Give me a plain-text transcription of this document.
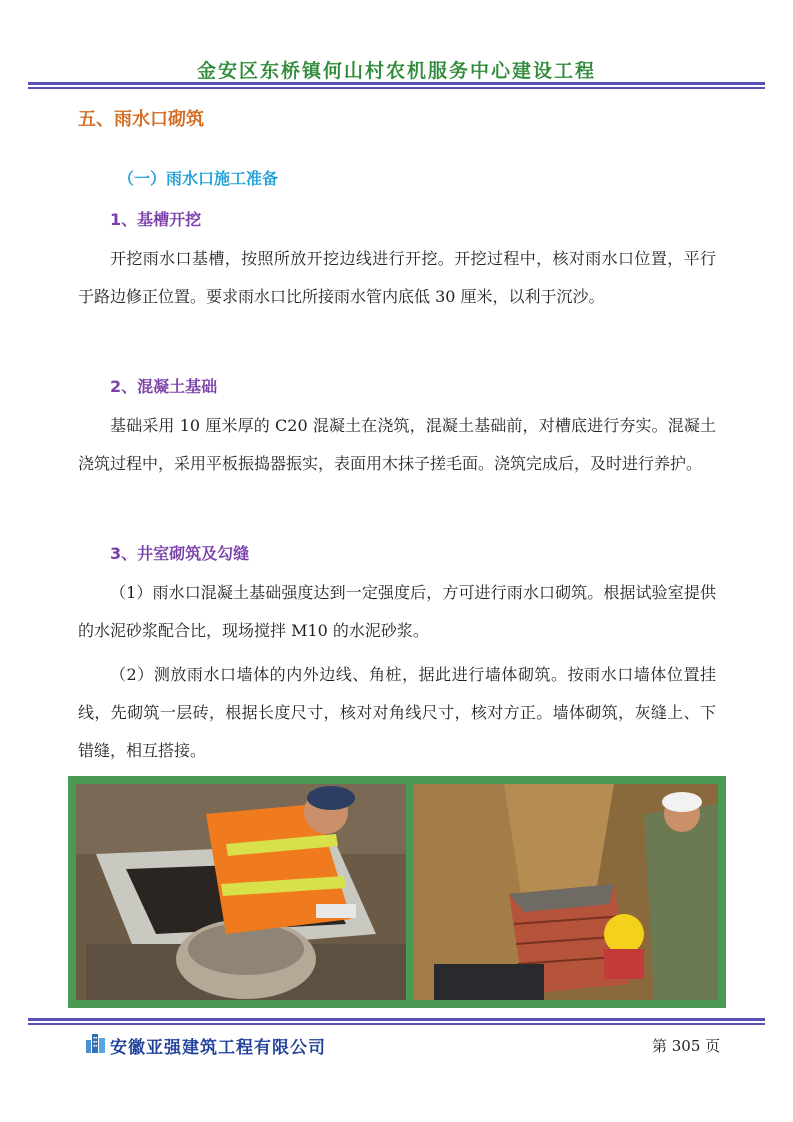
金安区东桥镇何山村农机服务中心建设工程
五、雨水口砌筑
（一）雨水口施工准备
1、基槽开挖
开挖雨水口基槽，按照所放开挖边线进行开挖。开挖过程中，核对雨水口位置，平行于路边修正位置。要求雨水口比所接雨水管内底低 30 厘米，以利于沉沙。
2、混凝土基础
基础采用 10 厘米厚的 C20 混凝土在浇筑，混凝土基础前，对槽底进行夯实。混凝土浇筑过程中，采用平板振捣器振实，表面用木抹子搓毛面。浇筑完成后，及时进行养护。
3、井室砌筑及勾缝
（1）雨水口混凝土基础强度达到一定强度后，方可进行雨水口砌筑。根据试验室提供的水泥砂浆配合比，现场搅拌 M10 的水泥砂浆。
（2）测放雨水口墙体的内外边线、角桩，据此进行墙体砌筑。按雨水口墙体位置挂线，先砌筑一层砖，根据长度尺寸，核对对角线尺寸，核对方正。墙体砌筑，灰缝上、下错缝，相互搭接。
安徽亚强建筑工程有限公司	第 305 页
